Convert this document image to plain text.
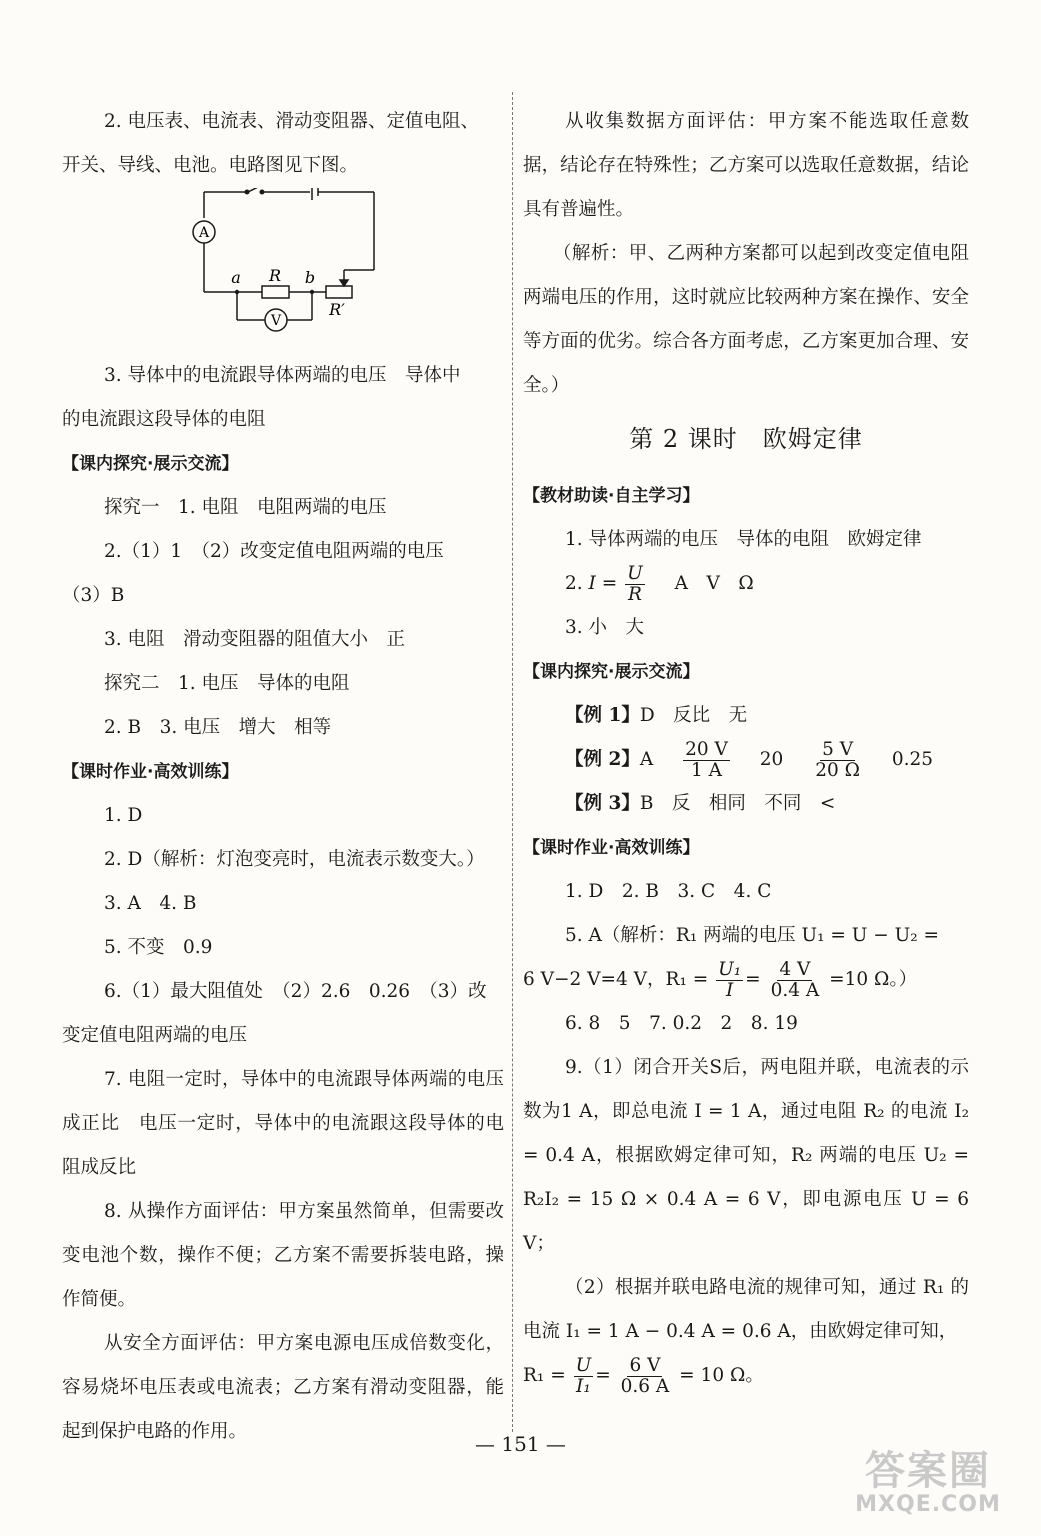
2. 电压表、电流表、滑动变阻器、定值电阻、

开关、导线、电池。电路图见下图。

A
V
a R b
R′

3. 导体中的电流跟导体两端的电压　导体中

的电流跟这段导体的电阻

【课内探究·展示交流】

探究一　1. 电阻　电阻两端的电压

2.（1）1　（2）改变定值电阻两端的电压

（3）B

3. 电阻　滑动变阻器的阻值大小　正

探究二　1. 电压　导体的电阻

2. B　3. 电压　增大　相等

【课时作业·高效训练】

1. D

2. D（解析：灯泡变亮时，电流表示数变大。）

3. A　4. B

5. 不变　0.9

6.（1）最大阻值处　（2）2.6　0.26　（3）改

变定值电阻两端的电压

7. 电阻一定时，导体中的电流跟导体两端的电压成正比　电压一定时，导体中的电流跟这段导体的电阻成反比

8. 从操作方面评估：甲方案虽然简单，但需要改变电池个数，操作不便；乙方案不需要拆装电路，操作简便。

从安全方面评估：甲方案电源电压成倍数变化，容易烧坏电压表或电流表；乙方案有滑动变阻器，能起到保护电路的作用。

从收集数据方面评估：甲方案不能选取任意数据，结论存在特殊性；乙方案可以选取任意数据，结论具有普遍性。

（解析：甲、乙两种方案都可以起到改变定值电阻两端电压的作用，这时就应比较两种方案在操作、安全等方面的优劣。综合各方面考虑，乙方案更加合理、安全。）

第 2 课时　欧姆定律

【教材助读·自主学习】

1. 导体两端的电压　导体的电阻　欧姆定律

2. $I = \frac{U}{R}$ A　V　Ω

3. 小　大

【课内探究·展示交流】

【例 1】D　反比　无

【例 2】A $\frac{20 V}{1 A} 20 \frac{5 V}{20 \Omega} 0.25$

【例 3】B　反　相同　不同　<

【课时作业·高效训练】

1. D　2. B　3. C　4. C

5. A（解析：R₁ 两端的电压 U₁ = U − U₂ =

6 V−2 V=4 V，$R_1 = \frac{\text{U₁}}{I} = \frac{4 V}{0.4 A} =10$ Ω。）

6. 8　5　7. 0.2　2　8. 19

9.（1）闭合开关S后，两电阻并联，电流表的示数为1 A，即总电流 I = 1 A，通过电阻 R₂ 的电流 I₂ = 0.4 A，根据欧姆定律可知，R₂ 两端的电压 U₂ = R₂I₂ = 15 Ω × 0.4 A = 6 V，即电源电压 U = 6 V；

（2）根据并联电路电流的规律可知，通过 R₁ 的电流 I₁ = 1 A − 0.4 A = 0.6 A，由欧姆定律可知，

$R_1 = \frac{U}{\text{I₁}} = \frac{6 V}{0.6 A} = 10$ Ω。

— 151 —
答案圈
MXQE.COM
